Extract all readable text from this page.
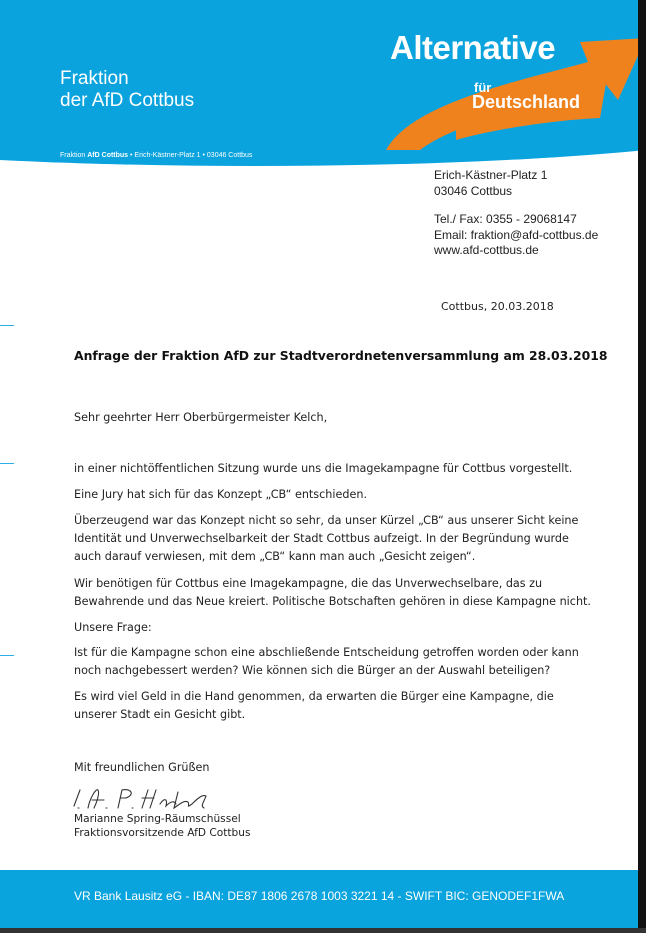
Fraktion
der AfD Cottbus
Fraktion AfD Cottbus • Erich-Kästner-Platz 1 • 03046 Cottbus
Alternative
für
Deutschland
Erich-Kästner-Platz 1
03046 Cottbus
Tel./ Fax: 0355 - 29068147
Email: fraktion@afd-cottbus.de
www.afd-cottbus.de
Cottbus, 20.03.2018
Anfrage der Fraktion AfD zur Stadtverordnetenversammlung am 28.03.2018
Sehr geehrter Herr Oberbürgermeister Kelch,
in einer nichtöffentlichen Sitzung wurde uns die Imagekampagne für Cottbus vorgestellt.
Eine Jury hat sich für das Konzept „CB“ entschieden.
Überzeugend war das Konzept nicht so sehr, da unser Kürzel „CB“ aus unserer Sicht keine
Identität und Unverwechselbarkeit der Stadt Cottbus aufzeigt. In der Begründung wurde
auch darauf verwiesen, mit dem „CB“ kann man auch „Gesicht zeigen“.
Wir benötigen für Cottbus eine Imagekampagne, die das Unverwechselbare, das zu
Bewahrende und das Neue kreiert. Politische Botschaften gehören in diese Kampagne nicht.
Unsere Frage:
Ist für die Kampagne schon eine abschließende Entscheidung getroffen worden oder kann
noch nachgebessert werden? Wie können sich die Bürger an der Auswahl beteiligen?
Es wird viel Geld in die Hand genommen, da erwarten die Bürger eine Kampagne, die
unserer Stadt ein Gesicht gibt.
Mit freundlichen Grüßen
Marianne Spring-Räumschüssel
Fraktionsvorsitzende AfD Cottbus
VR Bank Lausitz eG - IBAN: DE87 1806 2678 1003 3221 14 - SWIFT BIC: GENODEF1FWA
